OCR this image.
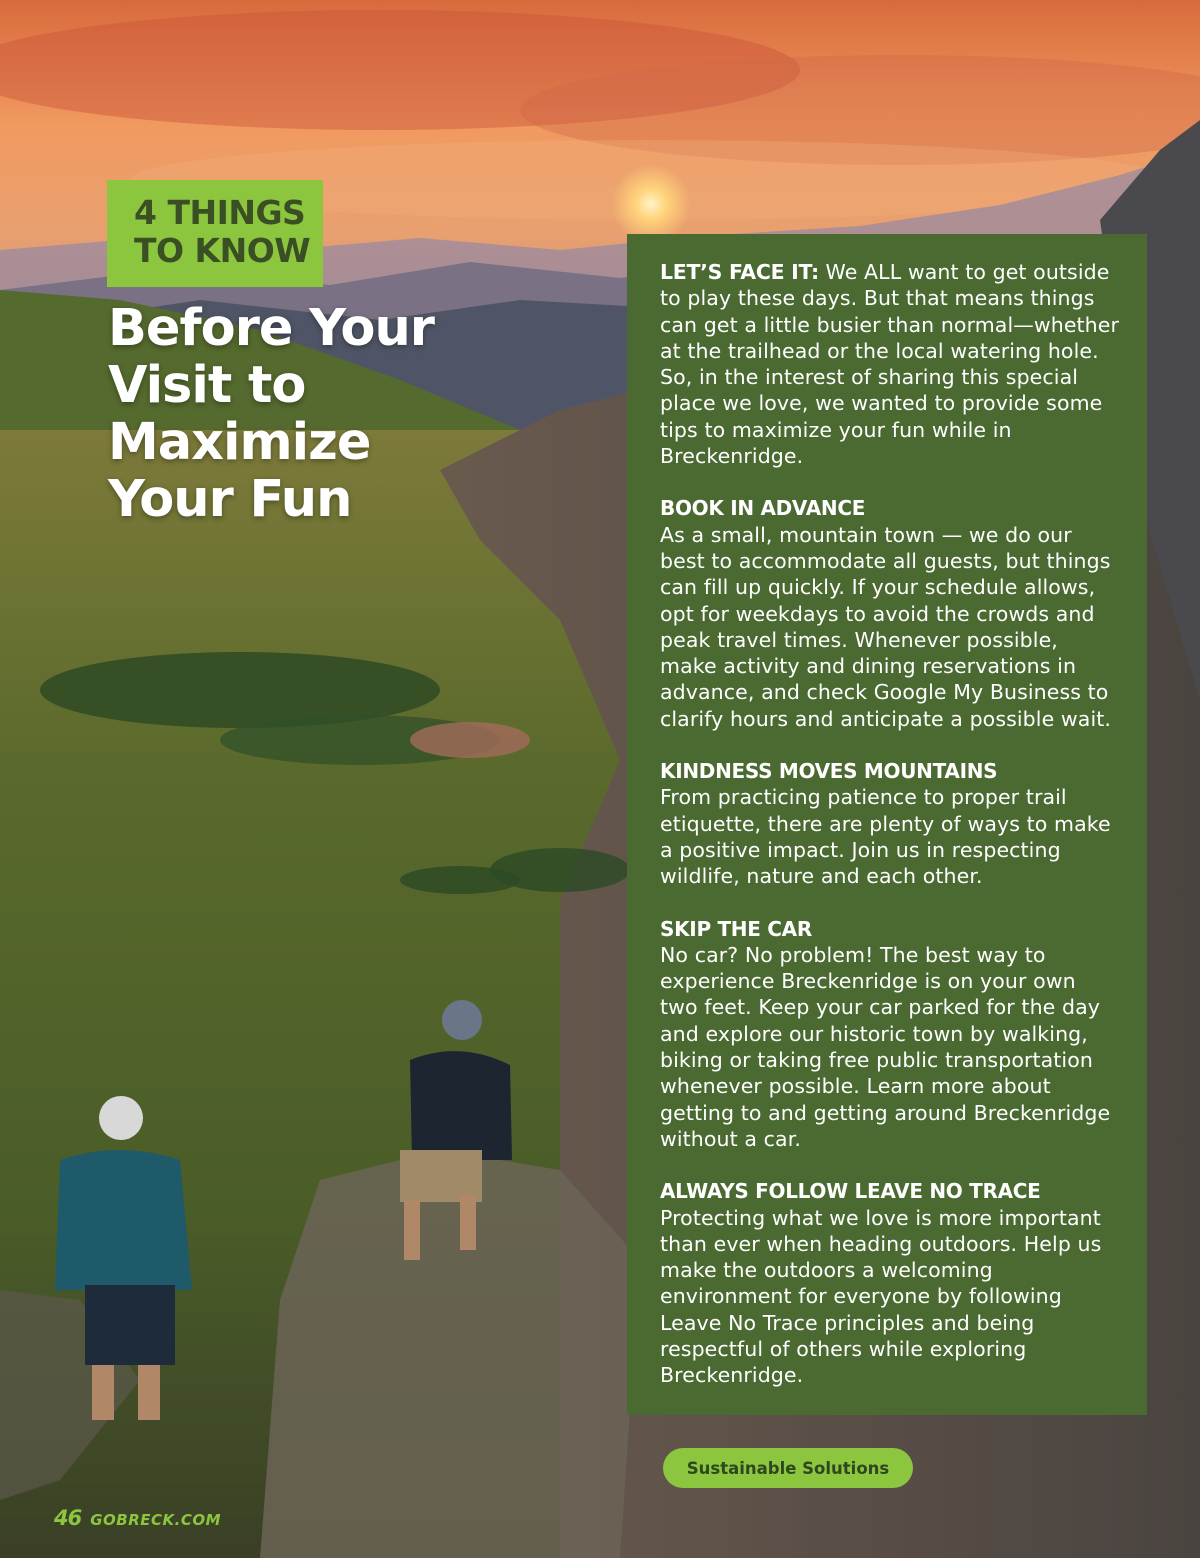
4 THINGS
TO KNOW
Before Your
Visit to
Maximize
Your Fun

LET’S FACE IT: We ALL want to get outside to play these days. But that means things can get a little busier than normal—whether at the trailhead or the local watering hole. So, in the interest of sharing this special place we love, we wanted to provide some tips to maximize your fun while in Breckenridge.

BOOK IN ADVANCE

As a small, mountain town — we do our best to accommodate all guests, but things can fill up quickly. If your schedule allows, opt for weekdays to avoid the crowds and peak travel times. Whenever possible, make activity and dining reservations in advance, and check Google My Business to clarify hours and anticipate a possible wait.

KINDNESS MOVES MOUNTAINS

From practicing patience to proper trail etiquette, there are plenty of ways to make a positive impact. Join us in respecting wildlife, nature and each other.

SKIP THE CAR

No car? No problem! The best way to experience Breckenridge is on your own two feet. Keep your car parked for the day and explore our historic town by walking, biking or taking free public transportation whenever possible. Learn more about getting to and getting around Breckenridge without a car.

ALWAYS FOLLOW LEAVE NO TRACE

Protecting what we love is more important than ever when heading outdoors. Help us make the outdoors a welcoming environment for everyone by following Leave No Trace principles and being respectful of others while exploring Breckenridge.

Sustainable Solutions
46 GOBRECK.COM
